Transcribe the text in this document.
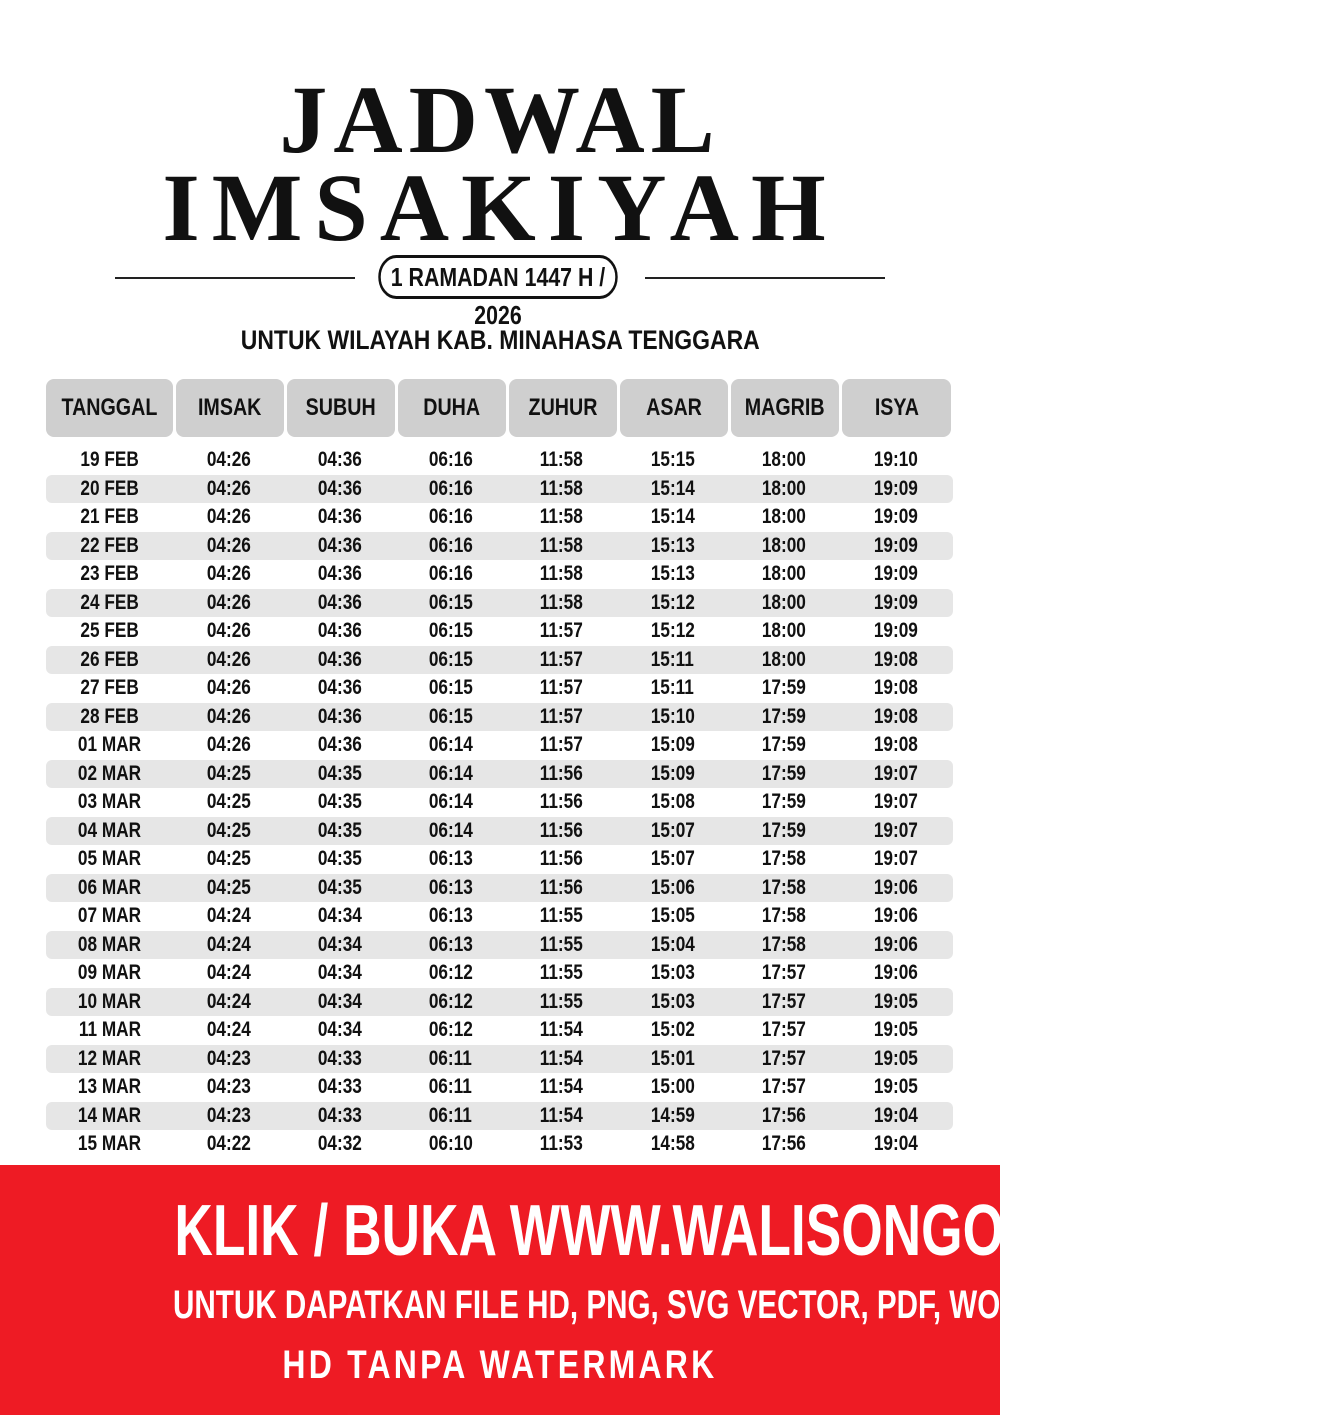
JADWAL
IMSAKIYAH
1 RAMADAN 1447 H / 2026
UNTUK WILAYAH KAB. MINAHASA TENGGARA
TANGGAL IMSAK SUBUH DUHA ZUHUR ASAR MAGRIB ISYA
19 FEB	04:26	04:36	06:16	11:58	15:15	18:00	19:10
20 FEB	04:26	04:36	06:16	11:58	15:14	18:00	19:09
21 FEB	04:26	04:36	06:16	11:58	15:14	18:00	19:09
22 FEB	04:26	04:36	06:16	11:58	15:13	18:00	19:09
23 FEB	04:26	04:36	06:16	11:58	15:13	18:00	19:09
24 FEB	04:26	04:36	06:15	11:58	15:12	18:00	19:09
25 FEB	04:26	04:36	06:15	11:57	15:12	18:00	19:09
26 FEB	04:26	04:36	06:15	11:57	15:11	18:00	19:08
27 FEB	04:26	04:36	06:15	11:57	15:11	17:59	19:08
28 FEB	04:26	04:36	06:15	11:57	15:10	17:59	19:08
01 MAR	04:26	04:36	06:14	11:57	15:09	17:59	19:08
02 MAR	04:25	04:35	06:14	11:56	15:09	17:59	19:07
03 MAR	04:25	04:35	06:14	11:56	15:08	17:59	19:07
04 MAR	04:25	04:35	06:14	11:56	15:07	17:59	19:07
05 MAR	04:25	04:35	06:13	11:56	15:07	17:58	19:07
06 MAR	04:25	04:35	06:13	11:56	15:06	17:58	19:06
07 MAR	04:24	04:34	06:13	11:55	15:05	17:58	19:06
08 MAR	04:24	04:34	06:13	11:55	15:04	17:58	19:06
09 MAR	04:24	04:34	06:12	11:55	15:03	17:57	19:06
10 MAR	04:24	04:34	06:12	11:55	15:03	17:57	19:05
11 MAR	04:24	04:34	06:12	11:54	15:02	17:57	19:05
12 MAR	04:23	04:33	06:11	11:54	15:01	17:57	19:05
13 MAR	04:23	04:33	06:11	11:54	15:00	17:57	19:05
14 MAR	04:23	04:33	06:11	11:54	14:59	17:56	19:04
15 MAR	04:22	04:32	06:10	11:53	14:58	17:56	19:04
KLIK / BUKA WWW.WALISONGO.CO.ID
UNTUK DAPATKAN FILE HD, PNG, SVG VECTOR, PDF, WORD, EXCEL
HD TANPA WATERMARK
